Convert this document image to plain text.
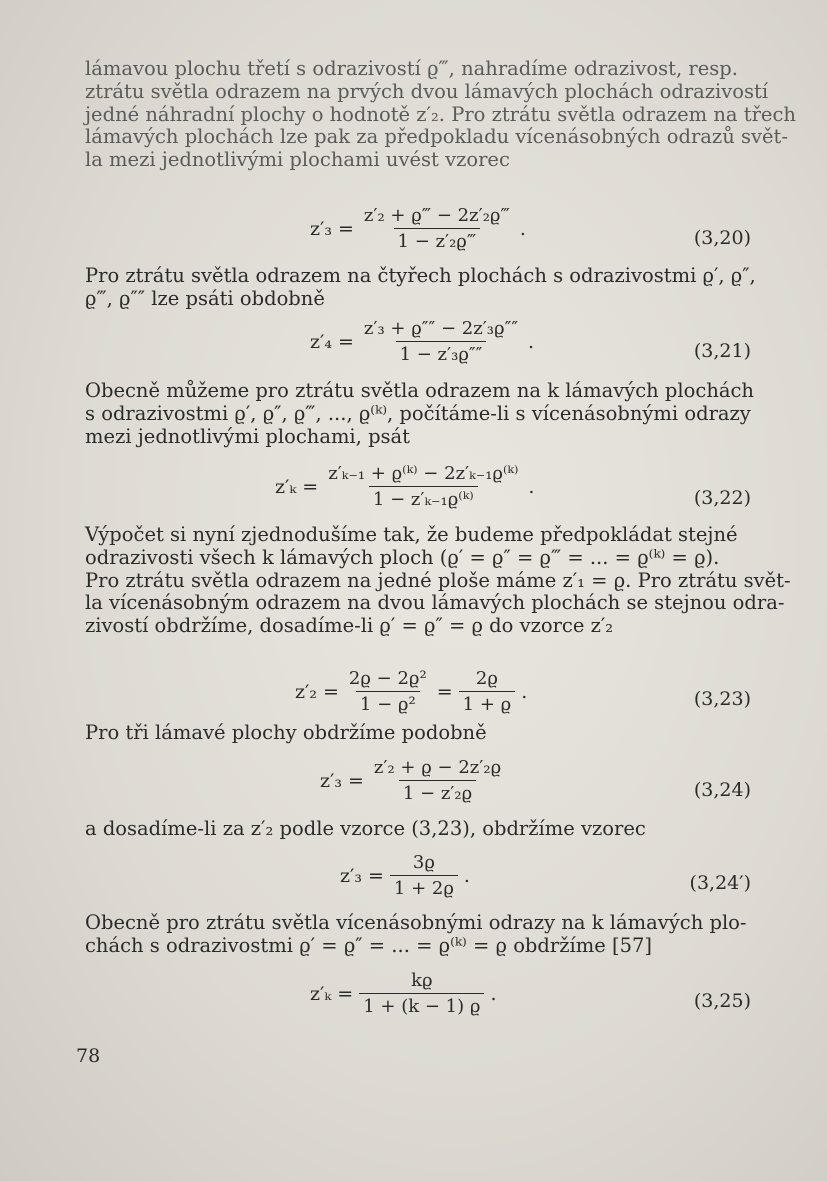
lámavou plochu třetí s odrazivostí ϱ‴, nahradíme odrazivost, resp.
ztrátu světla odrazem na prvých dvou lámavých plochách odrazivostí
jedné náhradní plochy o hodnotě z′₂. Pro ztrátu světla odrazem na třech
lámavých plochách lze pak za předpokladu vícenásobných odrazů svět-
la mezi jednotlivými plochami uvést vzorec
$z'_3 = \frac{\text{z′₂ + ϱ‴ − 2z′₂ϱ‴}}{\text{1 − z′₂ϱ‴}}$ .	(3,20)
Pro ztrátu světla odrazem na čtyřech plochách s odrazivostmi ϱ′, ϱ″,
ϱ‴, ϱ″″ lze psáti obdobně
$z'_4 = \frac{\text{z′₃ + ϱ″″ − 2z′₃ϱ″″}}{\text{1 − z′₃ϱ″″}}$ .	(3,21)
Obecně můžeme pro ztrátu světla odrazem na k lámavých plochách
s odrazivostmi ϱ′, ϱ″, ϱ‴, ..., ϱ⁽ᵏ⁾, počítáme-li s vícenásobnými odrazy
mezi jednotlivými plochami, psát
$z'_k = \frac{\text{z′ₖ₋₁ + ϱ⁽ᵏ⁾ − 2z′ₖ₋₁ϱ⁽ᵏ⁾}}{\text{1 − z′ₖ₋₁ϱ⁽ᵏ⁾}}$ .
(3,22)
Výpočet si nyní zjednodušíme tak, že budeme předpokládat stejné
odrazivosti všech k lámavých ploch (ϱ′ = ϱ″ = ϱ‴ = ... = ϱ⁽ᵏ⁾ = ϱ).
Pro ztrátu světla odrazem na jedné ploše máme z′₁ = ϱ. Pro ztrátu svět-
la vícenásobným odrazem na dvou lámavých plochách se stejnou odra-
zivostí obdržíme, dosadíme-li ϱ′ = ϱ″ = ϱ do vzorce z′₂
$z'_2 = \frac{\text{2ϱ − 2ϱ²}}{\text{1 − ϱ²}} = \frac{2ϱ}{1 + ϱ}$ .	(3,23)
Pro tři lámavé plochy obdržíme podobně
$z'_3 = \frac{\text{z′₂ + ϱ − 2z′₂ϱ}}{\text{1 − z′₂ϱ}}$	(3,24)
a dosadíme-li za z′₂ podle vzorce (3,23), obdržíme vzorec
$z'_3 = \frac{3ϱ}{1 + 2ϱ}$ .	(3,24′)
Obecně pro ztrátu světla vícenásobnými odrazy na k lámavých plo-
chách s odrazivostmi ϱ′ = ϱ″ = ... = ϱ⁽ᵏ⁾ = ϱ obdržíme [57]
$z'_k = \frac{kϱ}{1 + (k - 1) ϱ}$ .	(3,25)
78
